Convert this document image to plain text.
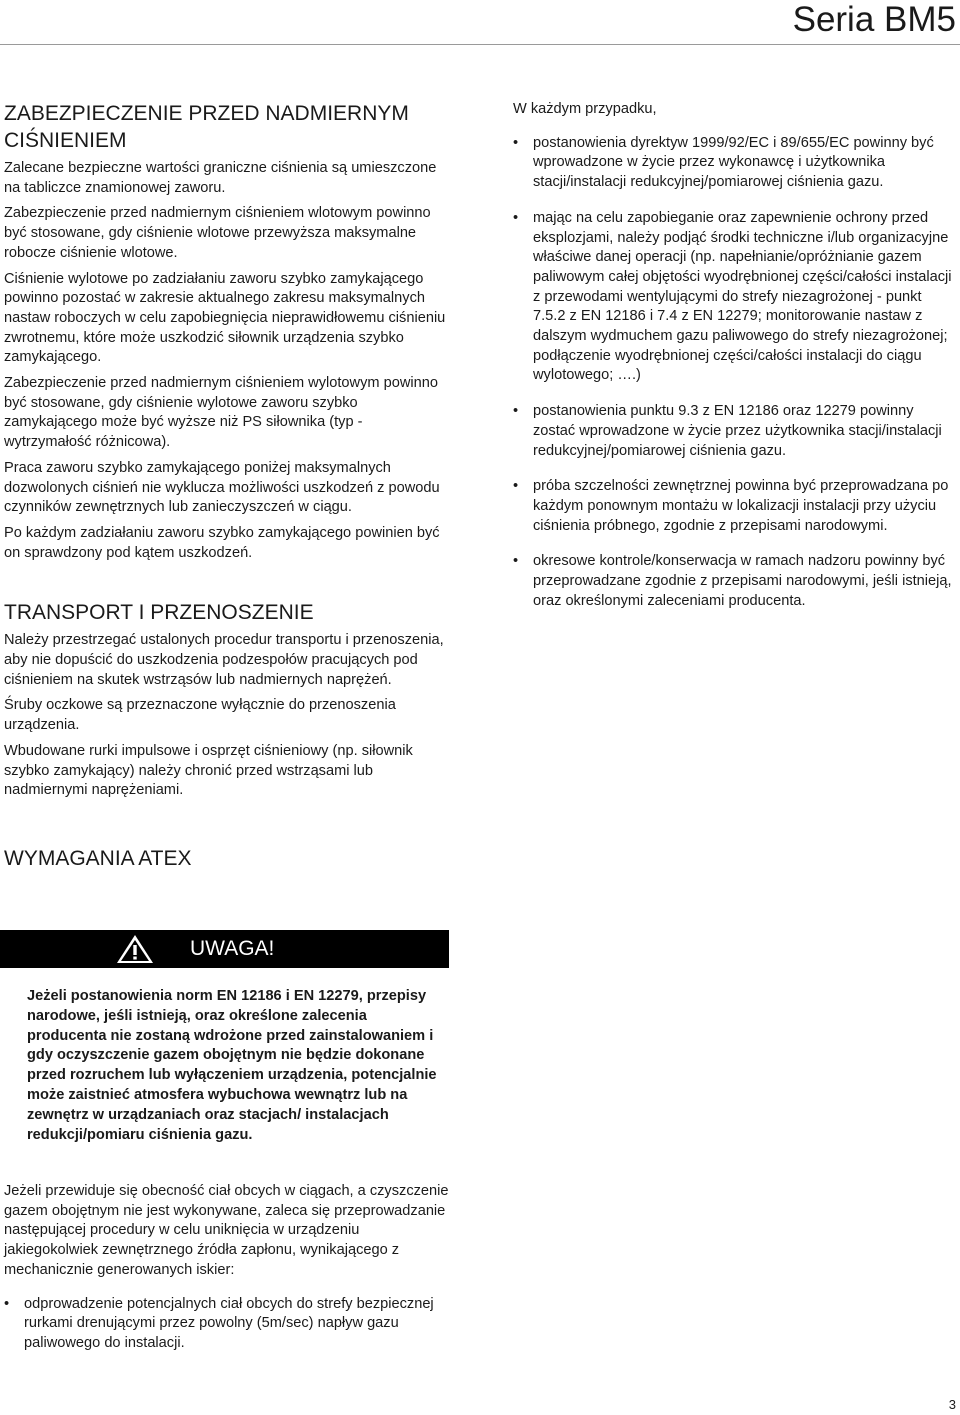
Seria BM5
ZABEZPIECZENIE PRZED NADMIERNYM
CIŚNIENIEM

Zalecane bezpieczne wartości graniczne ciśnienia są umieszczone na tabliczce znamionowej zaworu.

Zabezpieczenie przed nadmiernym ciśnieniem wlotowym powinno być stosowane, gdy ciśnienie wlotowe przewyższa maksymalne robocze ciśnienie wlotowe.

Ciśnienie wylotowe po zadziałaniu zaworu szybko zamykającego powinno pozostać w zakresie aktualnego zakresu maksymalnych nastaw roboczych w celu zapobiegnięcia nieprawidłowemu ciśnieniu zwrotnemu, które może uszkodzić siłownik urządzenia szybko zamykającego.

Zabezpieczenie przed nadmiernym ciśnieniem wylotowym powinno być stosowane, gdy ciśnienie wylotowe zaworu szybko zamykającego może być wyższe niż PS siłownika (typ - wytrzymałość różnicowa).

Praca zaworu szybko zamykającego poniżej maksymalnych dozwolonych ciśnień nie wyklucza możliwości uszkodzeń z powodu czynników zewnętrznych lub zanieczyszczeń w ciągu.

Po każdym zadziałaniu zaworu szybko zamykającego powinien być on sprawdzony pod kątem uszkodzeń.

TRANSPORT I PRZENOSZENIE

Należy przestrzegać ustalonych procedur transportu i przenoszenia, aby nie dopuścić do uszkodzenia podzespołów pracujących pod ciśnieniem na skutek wstrząsów lub nadmiernych naprężeń.

Śruby oczkowe są przeznaczone wyłącznie do przenoszenia urządzenia.

Wbudowane rurki impulsowe i osprzęt ciśnieniowy (np. siłownik szybko zamykający) należy chronić przed wstrząsami lub nadmiernymi naprężeniami.

WYMAGANIA ATEX
UWAGA!
Jeżeli postanowienia norm EN 12186 i EN 12279, przepisy narodowe, jeśli istnieją, oraz określone zalecenia producenta nie zostaną wdrożone przed zainstalowaniem i gdy oczyszczenie gazem obojętnym nie będzie dokonane przed rozruchem lub wyłączeniem urządzenia, potencjalnie może zaistnieć atmosfera wybuchowa wewnątrz lub na zewnętrz w urządzaniach oraz stacjach/ instalacjach redukcji/pomiaru ciśnienia gazu.

Jeżeli przewiduje się obecność ciał obcych w ciągach, a czyszczenie gazem obojętnym nie jest wykonywane, zaleca się przeprowadzanie następującej procedury w celu uniknięcia w urządzeniu jakiegokolwiek zewnętrznego źródła zapłonu, wynikającego z mechanicznie generowanych iskier:

• odprowadzenie potencjalnych ciał obcych do strefy bezpiecznej rurkami drenującymi przez powolny (5m/sec) napływ gazu paliwowego do instalacji.

W każdym przypadku,

• postanowienia dyrektyw 1999/92/EC i 89/655/EC powinny być wprowadzone w życie przez wykonawcę i użytkownika stacji/instalacji redukcyjnej/pomiarowej ciśnienia gazu.
• mając na celu zapobieganie oraz zapewnienie ochrony przed eksplozjami, należy podjąć środki techniczne i/lub organizacyjne właściwe danej operacji (np. napełnianie/opróżnianie gazem paliwowym całej objętości wyodrębnionej części/całości instalacji z przewodami wentylującymi do strefy niezagrożonej - punkt 7.5.2 z EN 12186 i 7.4 z EN 12279; monitorowanie nastaw z dalszym wydmuchem gazu paliwowego do strefy niezagrożonej; podłączenie wyodrębnionej części/całości instalacji do ciągu wylotowego; ….)
• postanowienia punktu 9.3 z EN 12186 oraz 12279 powinny zostać wprowadzone w życie przez użytkownika stacji/instalacji redukcyjnej/pomiarowej ciśnienia gazu.
• próba szczelności zewnętrznej powinna być przeprowadzana po każdym ponownym montażu w lokalizacji instalacji przy użyciu ciśnienia próbnego, zgodnie z przepisami narodowymi.
• okresowe kontrole/konserwacja w ramach nadzoru powinny być przeprowadzane zgodnie z przepisami narodowymi, jeśli istnieją, oraz określonymi zaleceniami producenta.
3
